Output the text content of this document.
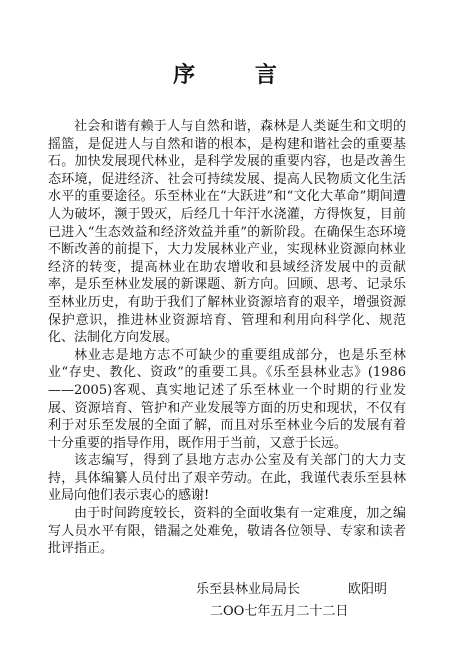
序 言

社会和谐有赖于人与自然和谐，森林是人类诞生和文明的摇篮，是促进人与自然和谐的根本，是构建和谐社会的重要基石。加快发展现代林业，是科学发展的重要内容，也是改善生态环境，促进经济、社会可持续发展、提高人民物质文化生活水平的重要途径。乐至林业在“大跃进”和“文化大革命”期间遭人为破坏，濒于毁灭，后经几十年汗水浇灌，方得恢复，目前已进入“生态效益和经济效益并重”的新阶段。在确保生态环境不断改善的前提下，大力发展林业产业，实现林业资源向林业经济的转变，提高林业在助农增收和县域经济发展中的贡献率，是乐至林业发展的新课题、新方向。回顾、思考、记录乐至林业历史，有助于我们了解林业资源培育的艰辛，增强资源保护意识，推进林业资源培育、管理和利用向科学化、规范化、法制化方向发展。

林业志是地方志不可缺少的重要组成部分，也是乐至林业“存史、教化、资政”的重要工具。《乐至县林业志》(1986——2005)客观、真实地记述了乐至林业一个时期的行业发展、资源培育、管护和产业发展等方面的历史和现状，不仅有利于对乐至发展的全面了解，而且对乐至林业今后的发展有着十分重要的指导作用，既作用于当前，又意于长远。

该志编写，得到了县地方志办公室及有关部门的大力支持，具体编纂人员付出了艰辛劳动。在此，我谨代表乐至县林业局向他们表示衷心的感谢!

由于时间跨度较长，资料的全面收集有一定难度，加之编写人员水平有限，错漏之处难免，敬请各位领导、专家和读者批评指正。

乐至县林业局局长	欧阳明
二OO七年五月二十二日
